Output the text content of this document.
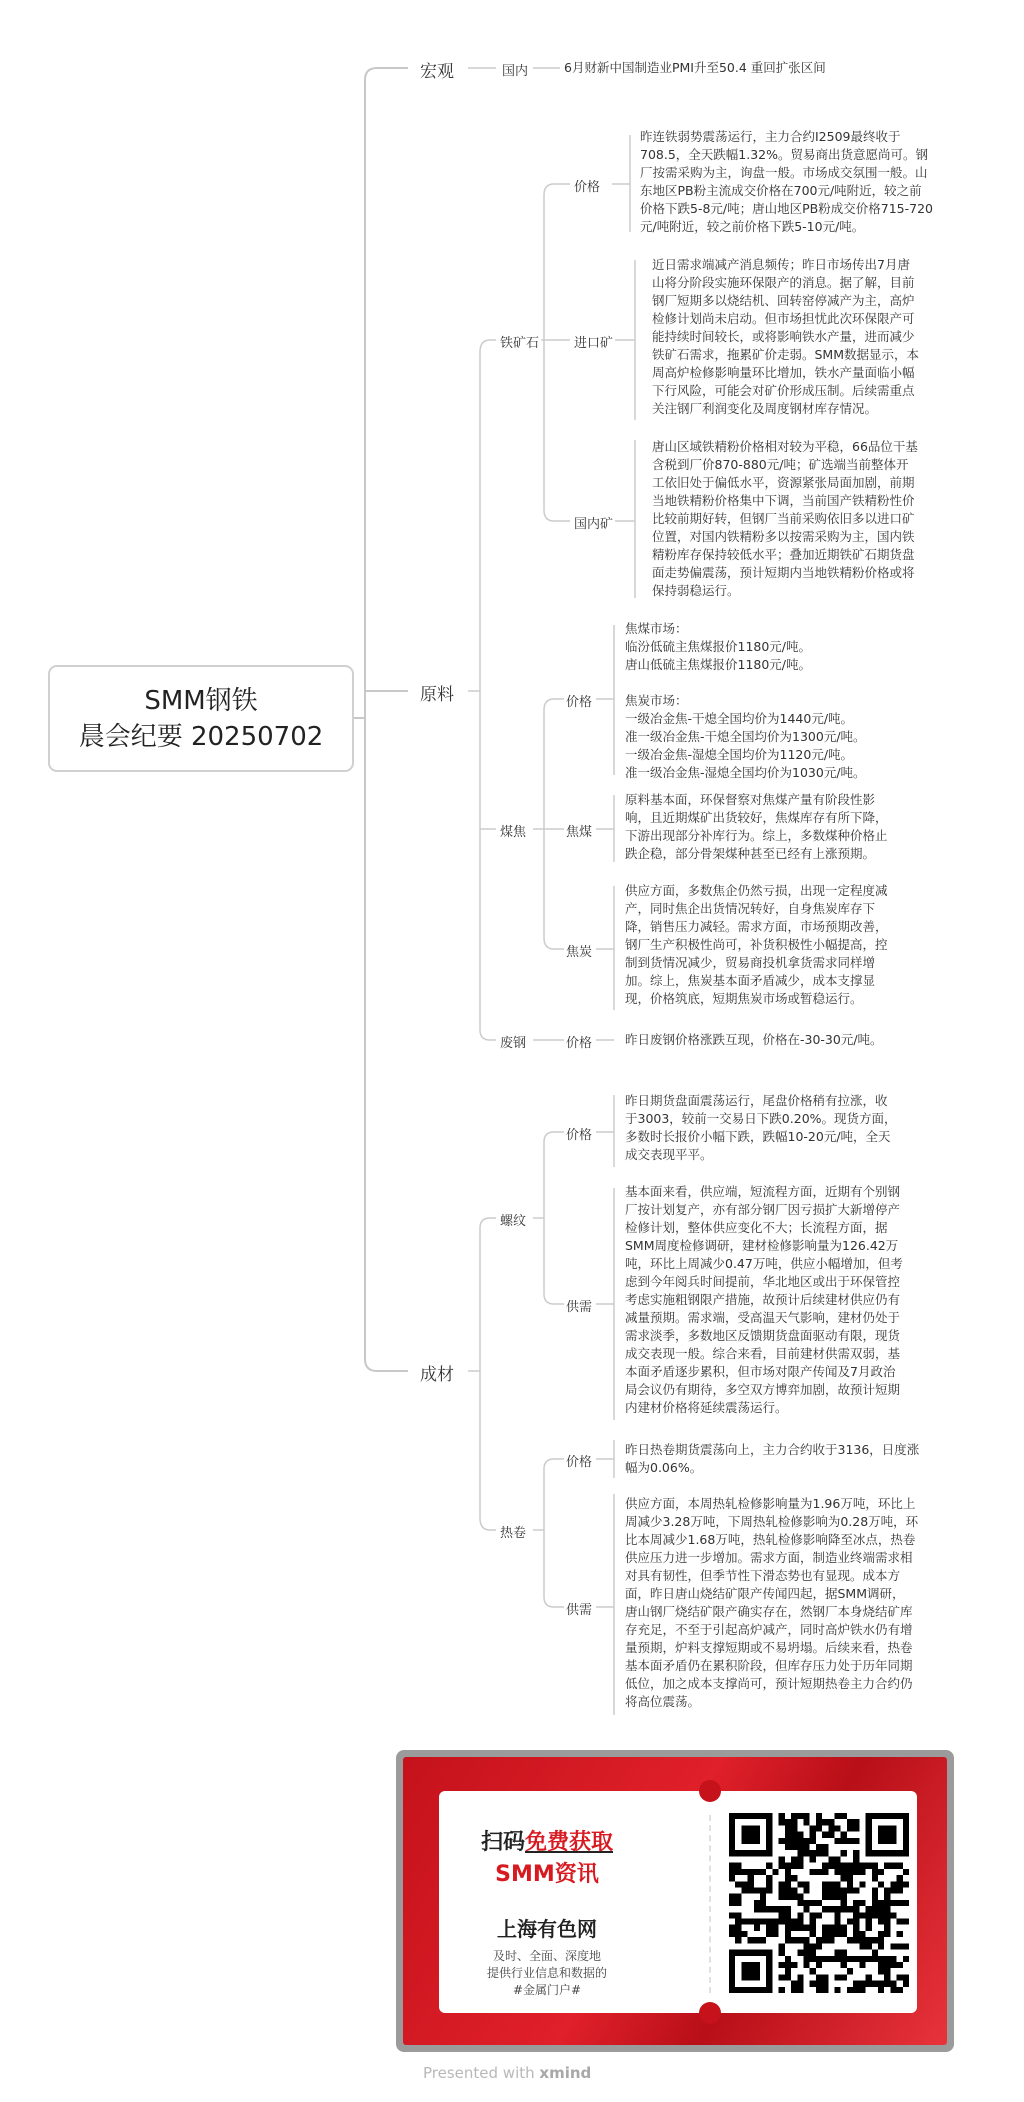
SMM钢铁
晨会纪要 20250702
宏观
原料
成材
国内	6月财新中国制造业PMI升至50.4 重回扩张区间
铁矿石
煤焦
废钢
价格
进口矿
国内矿
昨连铁弱势震荡运行，主力合约I2509最终收于
708.5，全天跌幅1.32%。贸易商出货意愿尚可。钢
厂按需采购为主，询盘一般。市场成交氛围一般。山
东地区PB粉主流成交价格在700元/吨附近，较之前
价格下跌5-8元/吨；唐山地区PB粉成交价格715-720
元/吨附近，较之前价格下跌5-10元/吨。
近日需求端减产消息频传；昨日市场传出7月唐
山将分阶段实施环保限产的消息。据了解，目前
钢厂短期多以烧结机、回转窑停减产为主，高炉
检修计划尚未启动。但市场担忧此次环保限产可
能持续时间较长，或将影响铁水产量，进而减少
铁矿石需求，拖累矿价走弱。SMM数据显示，本
周高炉检修影响量环比增加，铁水产量面临小幅
下行风险，可能会对矿价形成压制。后续需重点
关注钢厂利润变化及周度钢材库存情况。
唐山区域铁精粉价格相对较为平稳，66品位干基
含税到厂价870-880元/吨；矿选端当前整体开
工依旧处于偏低水平，资源紧张局面加剧，前期
当地铁精粉价格集中下调，当前国产铁精粉性价
比较前期好转，但钢厂当前采购依旧多以进口矿
位置，对国内铁精粉多以按需采购为主，国内铁
精粉库存保持较低水平；叠加近期铁矿石期货盘
面走势偏震荡，预计短期内当地铁精粉价格或将
保持弱稳运行。
价格
焦煤
焦炭
焦煤市场：
临汾低硫主焦煤报价1180元/吨。
唐山低硫主焦煤报价1180元/吨。
焦炭市场：
一级冶金焦-干熄全国均价为1440元/吨。
准一级冶金焦-干熄全国均价为1300元/吨。
一级冶金焦-湿熄全国均价为1120元/吨。
准一级冶金焦-湿熄全国均价为1030元/吨。
原料基本面，环保督察对焦煤产量有阶段性影
响，且近期煤矿出货较好，焦煤库存有所下降，
下游出现部分补库行为。综上，多数煤种价格止
跌企稳，部分骨架煤种甚至已经有上涨预期。
供应方面，多数焦企仍然亏损，出现一定程度减
产，同时焦企出货情况转好，自身焦炭库存下
降，销售压力减轻。需求方面，市场预期改善，
钢厂生产积极性尚可，补货积极性小幅提高，控
制到货情况减少，贸易商投机拿货需求同样增
加。综上，焦炭基本面矛盾减少，成本支撑显
现，价格筑底，短期焦炭市场或暂稳运行。
价格	昨日废钢价格涨跌互现，价格在-30-30元/吨。
螺纹
热卷
价格
供需
昨日期货盘面震荡运行，尾盘价格稍有拉涨，收
于3003，较前一交易日下跌0.20%。现货方面，
多数时长报价小幅下跌，跌幅10-20元/吨，全天
成交表现平平。
基本面来看，供应端，短流程方面，近期有个别钢
厂按计划复产，亦有部分钢厂因亏损扩大新增停产
检修计划，整体供应变化不大；长流程方面，据
SMM周度检修调研，建材检修影响量为126.42万
吨，环比上周减少0.47万吨，供应小幅增加，但考
虑到今年阅兵时间提前，华北地区或出于环保管控
考虑实施粗钢限产措施，故预计后续建材供应仍有
减量预期。需求端，受高温天气影响，建材仍处于
需求淡季，多数地区反馈期货盘面驱动有限，现货
成交表现一般。综合来看，目前建材供需双弱，基
本面矛盾逐步累积，但市场对限产传闻及7月政治
局会议仍有期待，多空双方博弈加剧，故预计短期
内建材价格将延续震荡运行。
价格
供需
昨日热卷期货震荡向上，主力合约收于3136，日度涨
幅为0.06%。
供应方面，本周热轧检修影响量为1.96万吨，环比上
周减少3.28万吨，下周热轧检修影响为0.28万吨，环
比本周减少1.68万吨，热轧检修影响降至冰点，热卷
供应压力进一步增加。需求方面，制造业终端需求相
对具有韧性，但季节性下滑态势也有显现。成本方
面，昨日唐山烧结矿限产传闻四起，据SMM调研，
唐山钢厂烧结矿限产确实存在，然钢厂本身烧结矿库
存充足，不至于引起高炉减产，同时高炉铁水仍有增
量预期，炉料支撑短期或不易坍塌。后续来看，热卷
基本面矛盾仍在累积阶段，但库存压力处于历年同期
低位，加之成本支撑尚可，预计短期热卷主力合约仍
将高位震荡。
扫码免费获取
SMM资讯
上海有色网
及时、全面、深度地
提供行业信息和数据的
#金属门户#
Presented with xmind
